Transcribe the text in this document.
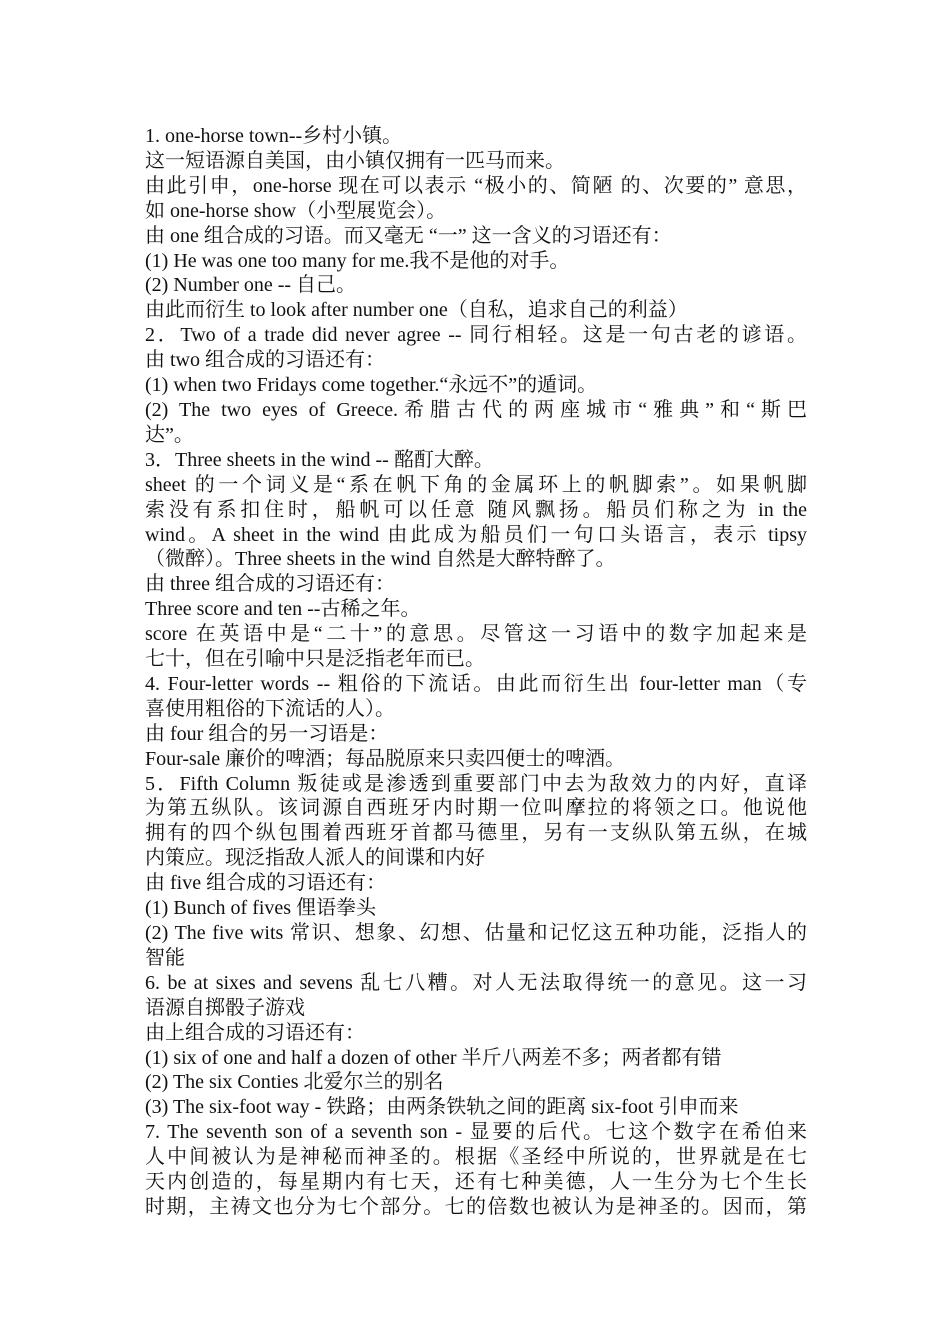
1. one-horse town--乡村小镇。
这一短语源自美国，由小镇仅拥有一匹马而来。
由此引申，one-horse 现在可以表示 “极小的、简陋 的、次要的” 意思，
如 one-horse show（小型展览会）。
由 one 组合成的习语。而又毫无 “一” 这一含义的习语还有：
(1) He was one too many for me.我不是他的对手。
(2) Number one -- 自己。
由此而衍生 to look after number one（自私，追求自己的利益）
2．Two of a trade did never agree -- 同行相轻。这是一句古老的谚语。
由 two 组合成的习语还有：
(1) when two Fridays come together.“永远不”的遁词。
(2) The two eyes of Greece.希腊古代的两座城市“雅典”和“斯巴
达”。
3．Three sheets in the wind -- 酩酊大醉。
sheet 的一个词义是“系在帆下角的金属环上的帆脚索”。如果帆脚
索没有系扣住时，船帆可以任意 随风飘扬。船员们称之为 in the
wind。A sheet in the wind 由此成为船员们一句口头语言，表示 tipsy
（微醉）。Three sheets in the wind 自然是大醉特醉了。
由 three 组合成的习语还有：
Three score and ten --古稀之年。
score 在英语中是“二十”的意思。尽管这一习语中的数字加起来是
七十，但在引喻中只是泛指老年而已。
4. Four-letter words -- 粗俗的下流话。由此而衍生出 four-letter man（专
喜使用粗俗的下流话的人）。
由 four 组合的另一习语是：
Four-sale 廉价的啤酒；每品脱原来只卖四便士的啤酒。
5．Fifth Column 叛徒或是渗透到重要部门中去为敌效力的内好，直译
为第五纵队。该词源自西班牙内时期一位叫摩拉的将领之口。他说他
拥有的四个纵包围着西班牙首都马德里，另有一支纵队第五纵，在城
内策应。现泛指敌人派人的间谍和内好
由 five 组合成的习语还有：
(1) Bunch of fives 俚语拳头
(2) The five wits 常识、想象、幻想、估量和记忆这五种功能，泛指人的
智能
6. be at sixes and sevens 乱七八糟。对人无法取得统一的意见。这一习
语源自掷骰子游戏
由上组合成的习语还有：
(1) six of one and half a dozen of other 半斤八两差不多；两者都有错
(2) The six Conties 北爱尔兰的别名
(3) The six-foot way - 铁路；由两条铁轨之间的距离 six-foot 引申而来
7. The seventh son of a seventh son - 显要的后代。七这个数字在希伯来
人中间被认为是神秘而神圣的。根据《圣经中所说的，世界就是在七
天内创造的，每星期内有七天，还有七种美德，人一生分为七个生长
时期，主祷文也分为七个部分。七的倍数也被认为是神圣的。因而，第
